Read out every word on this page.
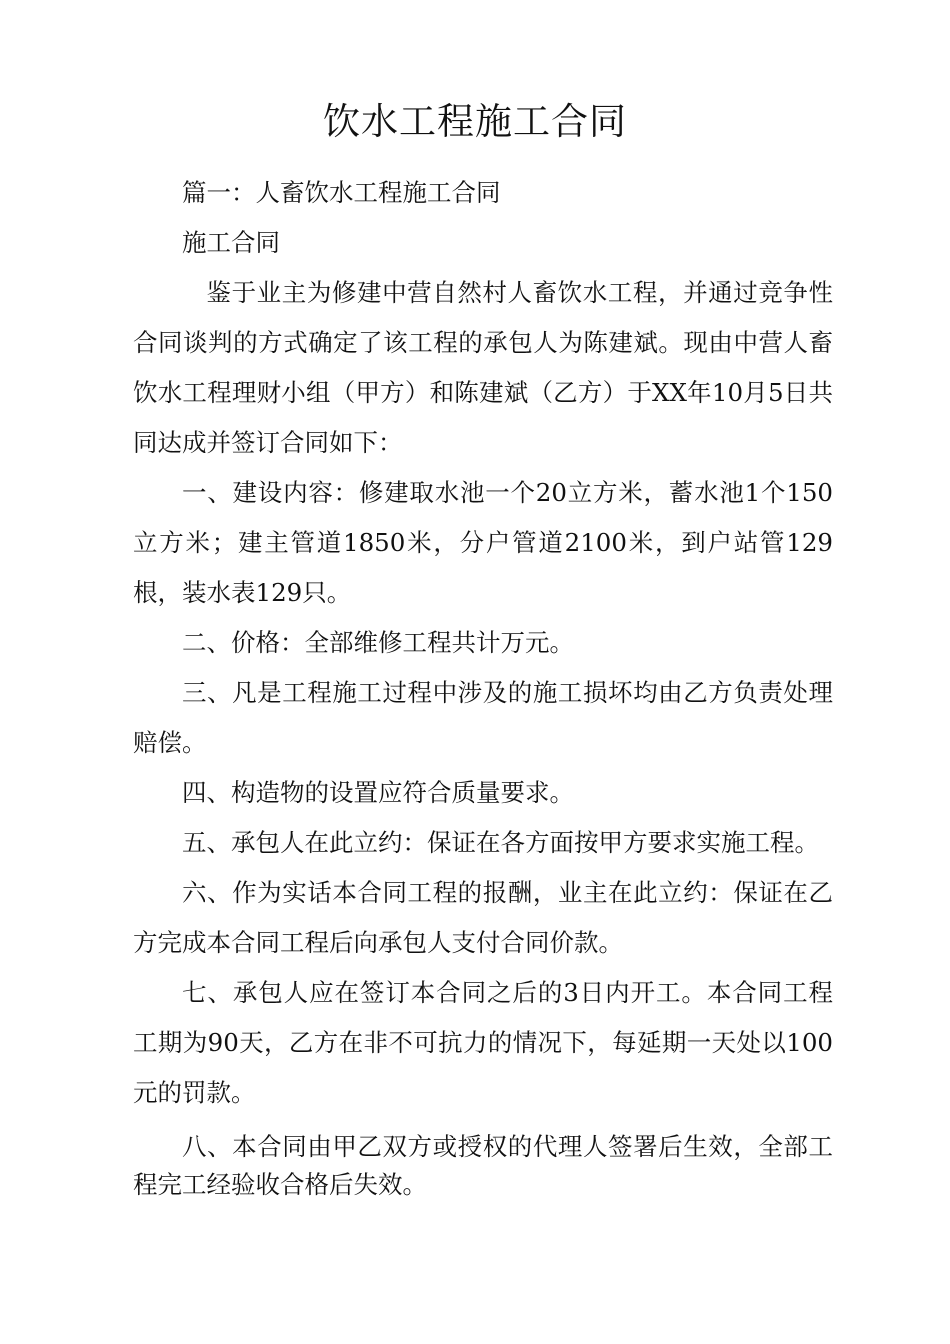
饮水工程施工合同

篇一：人畜饮水工程施工合同

施工合同

鉴于业主为修建中营自然村人畜饮水工程，并通过竞争性合同谈判的方式确定了该工程的承包人为陈建斌。现由中营人畜饮水工程理财小组（甲方）和陈建斌（乙方）于XX年10月5日共同达成并签订合同如下：

一、建设内容：修建取水池一个20立方米，蓄水池1个150立方米；建主管道1850米，分户管道2100米，到户站管129根，装水表129只。

二、价格：全部维修工程共计万元。

三、凡是工程施工过程中涉及的施工损坏均由乙方负责处理赔偿。

四、构造物的设置应符合质量要求。

五、承包人在此立约：保证在各方面按甲方要求实施工程。

六、作为实话本合同工程的报酬，业主在此立约：保证在乙方完成本合同工程后向承包人支付合同价款。

七、承包人应在签订本合同之后的3日内开工。本合同工程工期为90天，乙方在非不可抗力的情况下，每延期一天处以100元的罚款。

八、本合同由甲乙双方或授权的代理人签署后生效，全部工程完工经验收合格后失效。
